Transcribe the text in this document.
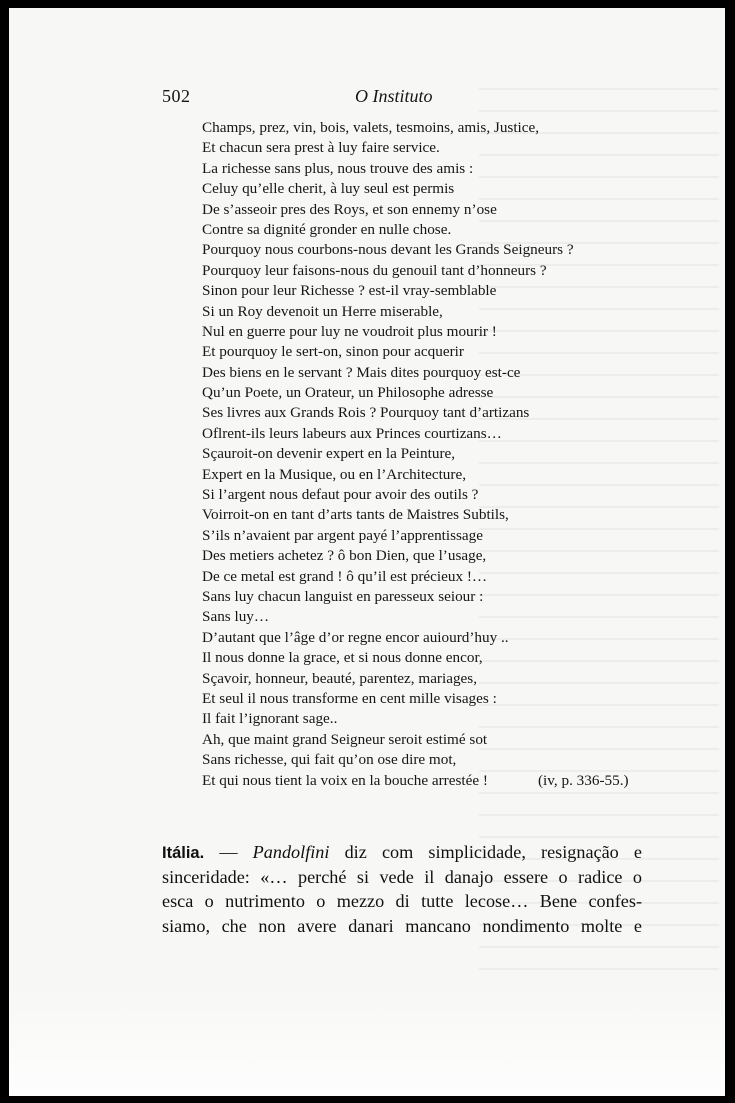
502	O Instituto
Champs, prez, vin, bois, valets, tesmoins, amis, Justice,
Et chacun sera prest à luy faire service.
La richesse sans plus, nous trouve des amis :
Celuy qu’elle cherit, à luy seul est permis
De s’asseoir pres des Roys, et son ennemy n’ose
Contre sa dignité gronder en nulle chose.
Pourquoy nous courbons-nous devant les Grands Seigneurs ?
Pourquoy leur faisons-nous du genouil tant d’honneurs ?
Sinon pour leur Richesse ? est-il vray-semblable
Si un Roy devenoit un Herre miserable,
Nul en guerre pour luy ne voudroit plus mourir !
Et pourquoy le sert-on, sinon pour acquerir
Des biens en le servant ? Mais dites pourquoy est-ce
Qu’un Poete, un Orateur, un Philosophe adresse
Ses livres aux Grands Rois ? Pourquoy tant d’artizans
Oflrent-ils leurs labeurs aux Princes courtizans…
Sçauroit-on devenir expert en la Peinture,
Expert en la Musique, ou en l’Architecture,
Si l’argent nous defaut pour avoir des outils ?
Voirroit-on en tant d’arts tants de Maistres Subtils,
S’ils n’avaient par argent payé l’apprentissage
Des metiers achetez ? ô bon Dien, que l’usage,
De ce metal est grand ! ô qu’il est précieux !…
Sans luy chacun languist en paresseux seiour :
Sans luy…
D’autant que l’âge d’or regne encor auiourd’huy ..
Il nous donne la grace, et si nous donne encor,
Sçavoir, honneur, beauté, parentez, mariages,
Et seul il nous transforme en cent mille visages :
Il fait l’ignorant sage..
Ah, que maint grand Seigneur seroit estimé sot
Sans richesse, qui fait qu’on ose dire mot,
Et qui nous tient la voix en la bouche arrestée !	(iv, p. 336-55.)
Itália. — Pandolfini diz com simplicidade, resignação e
sinceridade: «… perché si vede il danajo essere o radice o
esca o nutrimento o mezzo di tutte lecose… Bene confes-
siamo, che non avere danari mancano nondimento molte e
